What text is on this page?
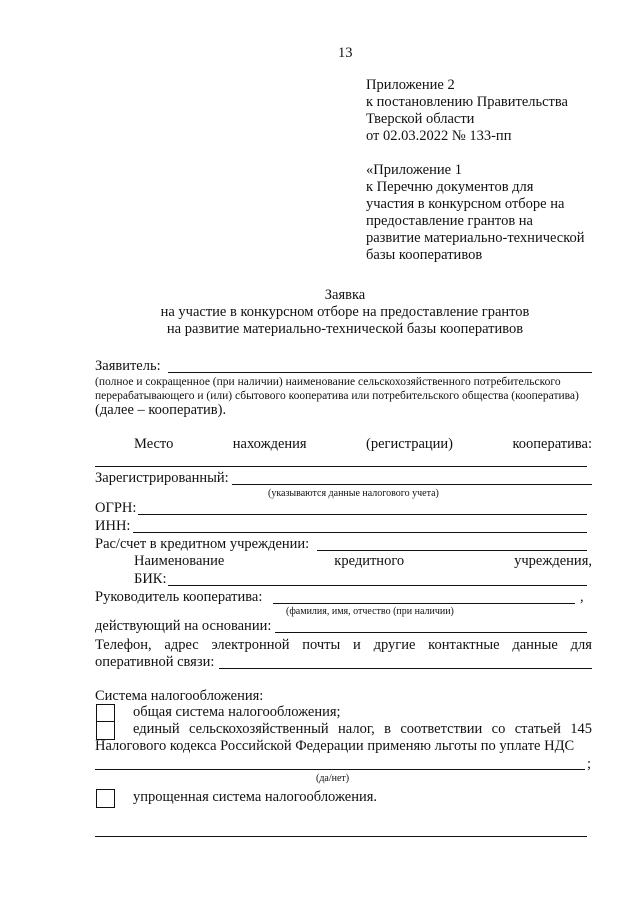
13
Приложение 2
к постановлению Правительства
Тверской области
от 02.03.2022 № 133-пп
«Приложение 1
к Перечню документов для
участия в конкурсном отборе на
предоставление грантов на
развитие материально-технической
базы кооперативов
Заявка
на участие в конкурсном отборе на предоставление грантов
на развитие материально-технической базы кооперативов
Заявитель:
(полное и сокращенное (при наличии) наименование сельскохозяйственного потребительского
перерабатывающего и (или) сбытового кооператива или потребительского общества (кооператива)
(далее – кооператив).
Место	нахождения	(регистрации)	кооператива:
Зарегистрированный:
(указываются данные налогового учета)
ОГРН:
ИНН:
Рас/счет в кредитном учреждении:
Наименование	кредитного	учреждения,
БИК:
Руководитель кооператива:	,
(фамилия, имя, отчество (при наличии)
действующий на основании:
Телефон, адрес электронной почты и другие контактные данные для
оперативной связи:
Система налогообложения:
общая система налогообложения;
единый сельскохозяйственный налог, в соответствии со статьей 145
Налогового кодекса Российской Федерации применяю льготы по уплате НДС
;
(да/нет)
упрощенная система налогообложения.
